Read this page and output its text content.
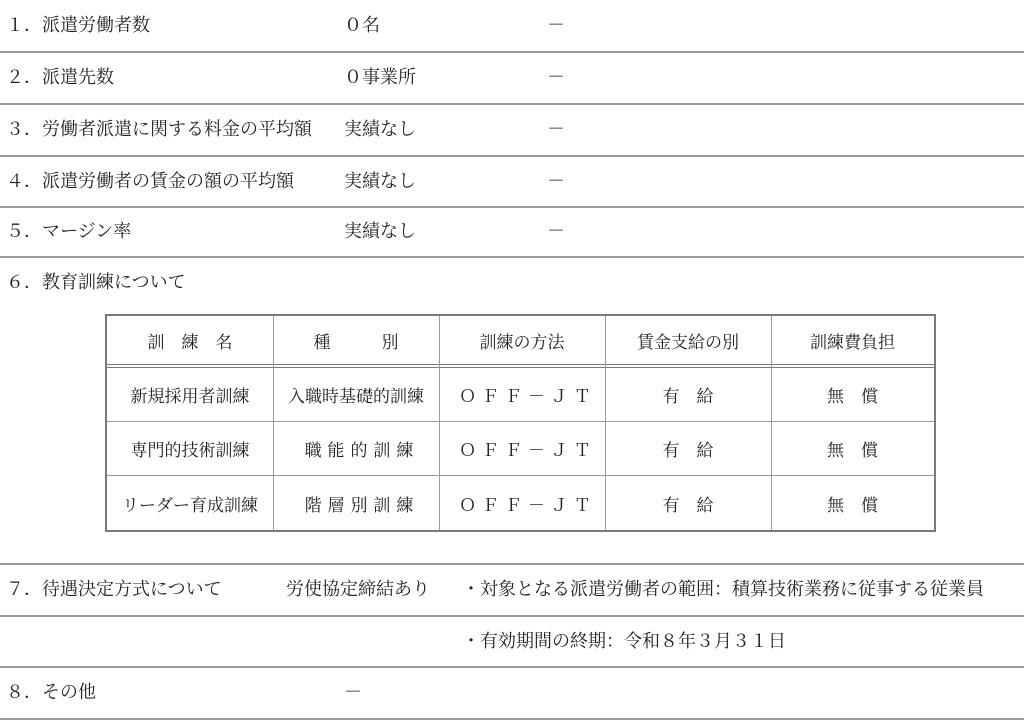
１．派遣労働者数	０名	－
２．派遣先数	０事業所	－
３．労働者派遣に関する料金の平均額 実績なし	－
４．派遣労働者の賃金の額の平均額	実績なし	－
５．マージン率	実績なし	－
６．教育訓練について
訓　練　名	種　　　別	訓練の方法	賃金支給の別	訓練費負担
新規採用者訓練	入職時基礎的訓練	ＯＦＦ－ＪＴ	有　給	無　償
専門的技術訓練	職能的訓練	ＯＦＦ－ＪＴ	有　給	無　償
リーダー育成訓練	階層別訓練	ＯＦＦ－ＪＴ	有　給	無　償
７．待遇決定方式について	労使協定締結あり ・対象となる派遣労働者の範囲：積算技術業務に従事する従業員
・有効期間の終期：令和８年３月３１日
８．その他	－
